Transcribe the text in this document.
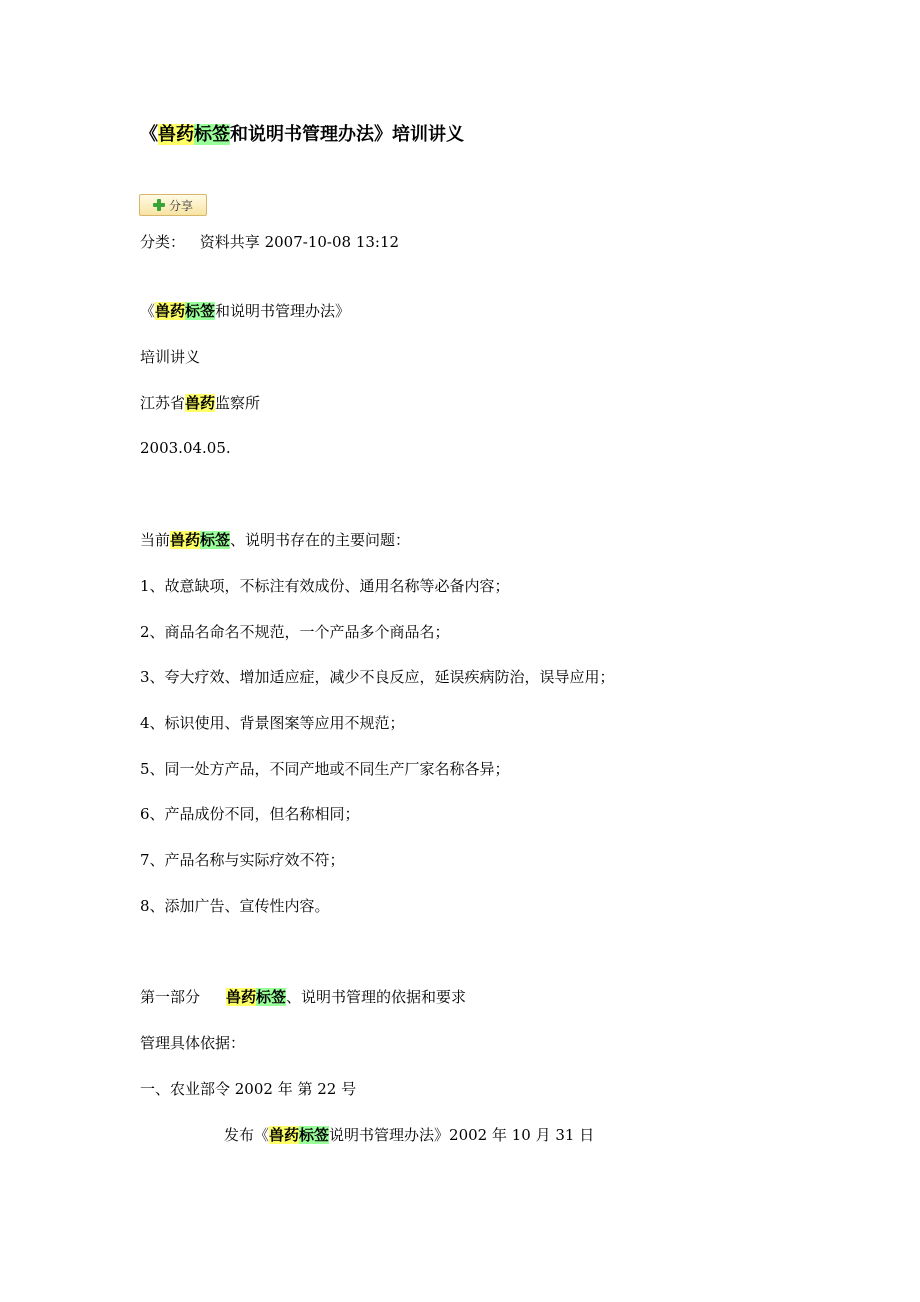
《兽药标签和说明书管理办法》培训讲义
分享
分类： 资料共享 2007-10-08 13:12
《兽药标签和说明书管理办法》
培训讲义
江苏省兽药监察所
2003.04.05.
当前兽药标签、说明书存在的主要问题：
1、故意缺项，不标注有效成份、通用名称等必备内容；
2、商品名命名不规范，一个产品多个商品名；
3、夸大疗效、增加适应症，减少不良反应，延误疾病防治，误导应用；
4、标识使用、背景图案等应用不规范；
5、同一处方产品，不同产地或不同生产厂家名称各异；
6、产品成份不同，但名称相同；
7、产品名称与实际疗效不符；
8、添加广告、宣传性内容。
第一部分 兽药标签、说明书管理的依据和要求
管理具体依据：
一、农业部令 2002 年 第 22 号
发布《兽药标签说明书管理办法》2002 年 10 月 31 日
